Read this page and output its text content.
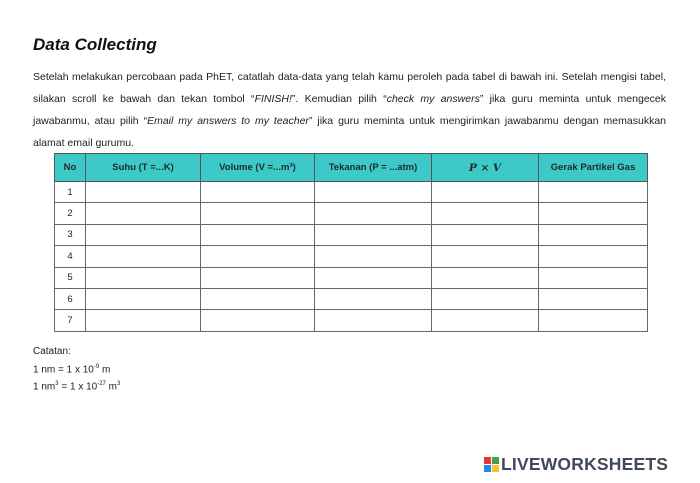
Data Collecting
Setelah melakukan percobaan pada PhET, catatlah data-data yang telah kamu peroleh pada tabel di bawah ini. Setelah mengisi tabel, silakan scroll ke bawah dan tekan tombol “FINISH!”. Kemudian pilih “check my answers” jika guru meminta untuk mengecek jawabanmu, atau pilih “Email my answers to my teacher” jika guru meminta untuk mengirimkan jawabanmu dengan memasukkan alamat email gurumu.
No	Suhu (T =...K)	Volume (V =...m³)	Tekanan (P = ...atm)	P × V	Gerak Partikel Gas
1					
2					
3					
4					
5					
6					
7					
Catatan:
1 nm = 1 x $10^{-9}$ m
1 $nm^3 = 1$ x $10^{-27}$ $m^3$
LIVEWORKSHEETS
